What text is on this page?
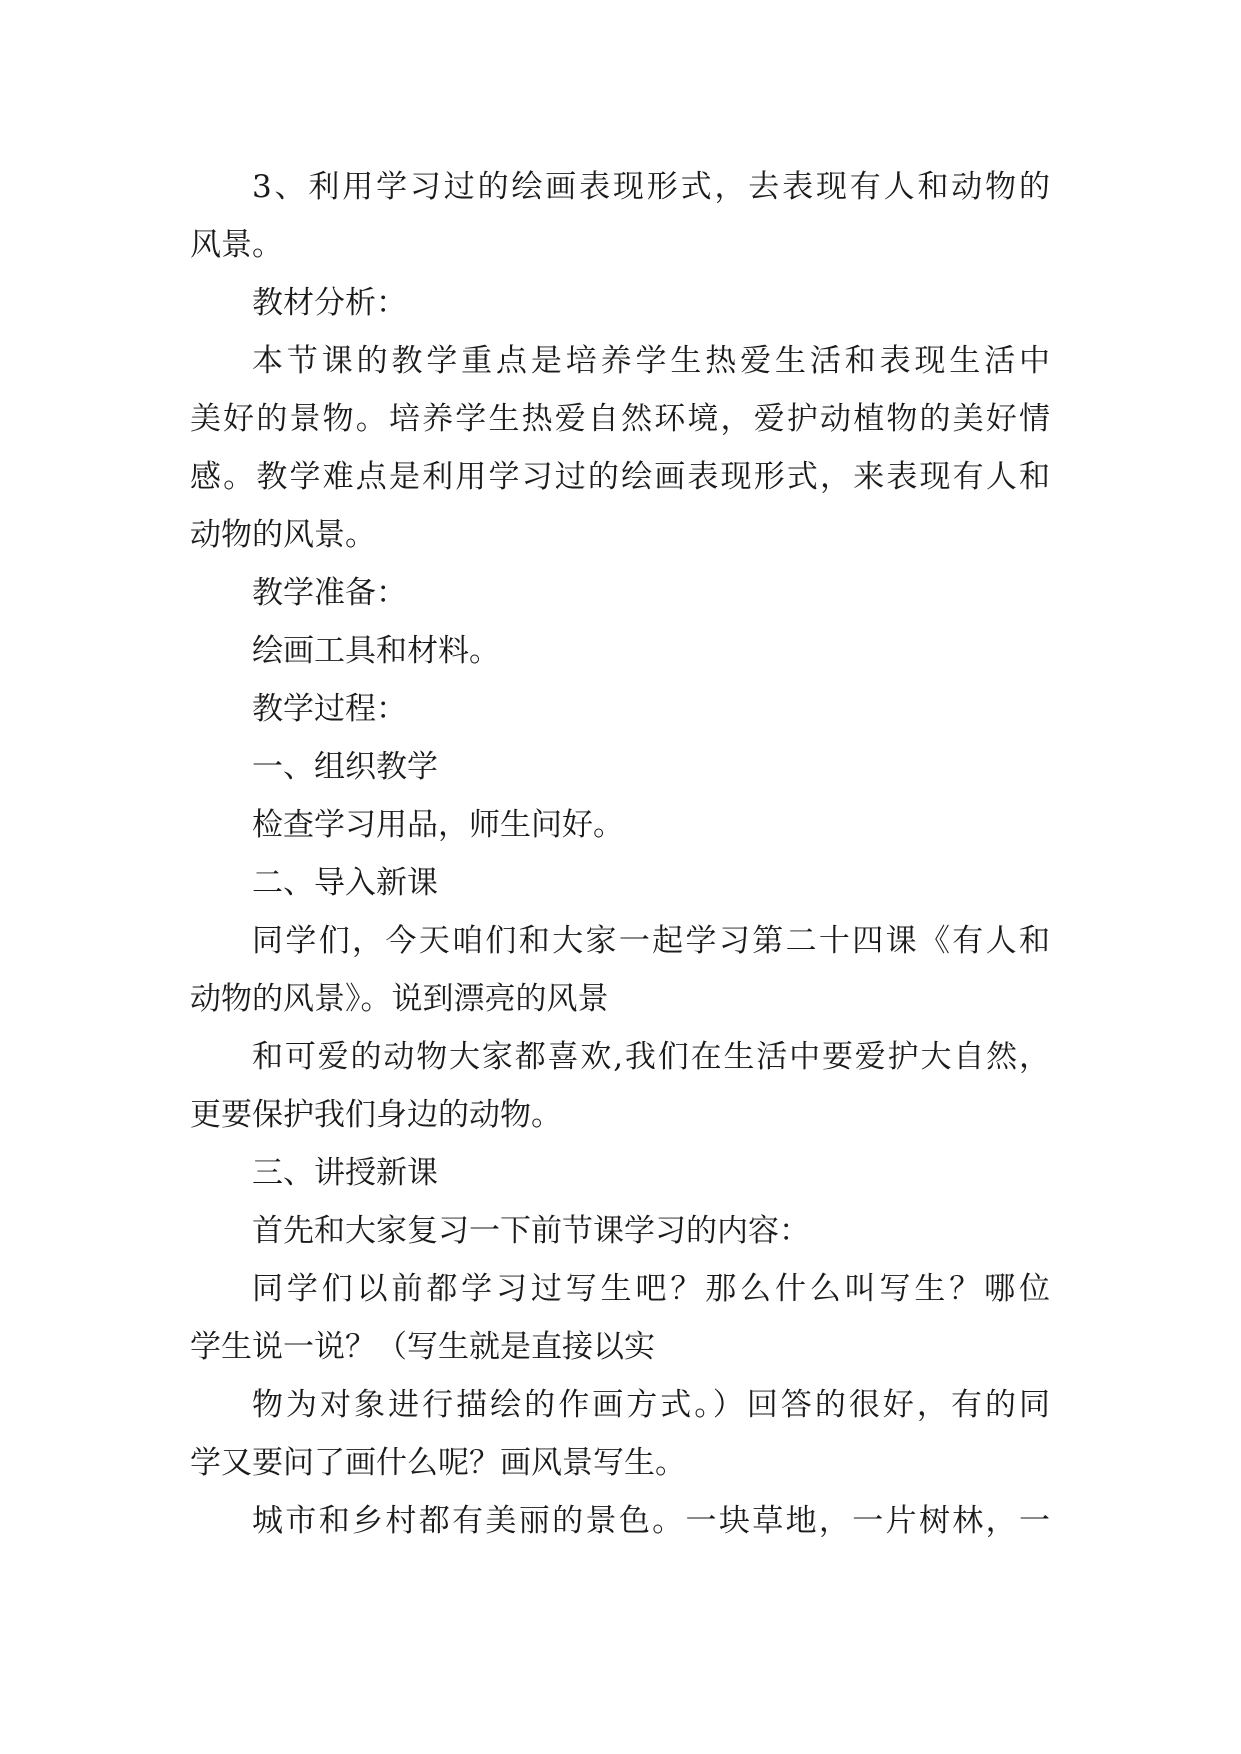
3、利用学习过的绘画表现形式，去表现有人和动物的
风景。
教材分析：
本节课的教学重点是培养学生热爱生活和表现生活中
美好的景物。培养学生热爱自然环境，爱护动植物的美好情
感。教学难点是利用学习过的绘画表现形式，来表现有人和
动物的风景。
教学准备：
绘画工具和材料。
教学过程：
一、组织教学
检查学习用品，师生问好。
二、导入新课
同学们，今天咱们和大家一起学习第二十四课《有人和
动物的风景》。说到漂亮的风景
和可爱的动物大家都喜欢,我们在生活中要爱护大自然，
更要保护我们身边的动物。
三、讲授新课
首先和大家复习一下前节课学习的内容：
同学们以前都学习过写生吧？那么什么叫写生？哪位
学生说一说？（写生就是直接以实
物为对象进行描绘的作画方式。）回答的很好，有的同
学又要问了画什么呢？画风景写生。
城市和乡村都有美丽的景色。一块草地，一片树林，一
